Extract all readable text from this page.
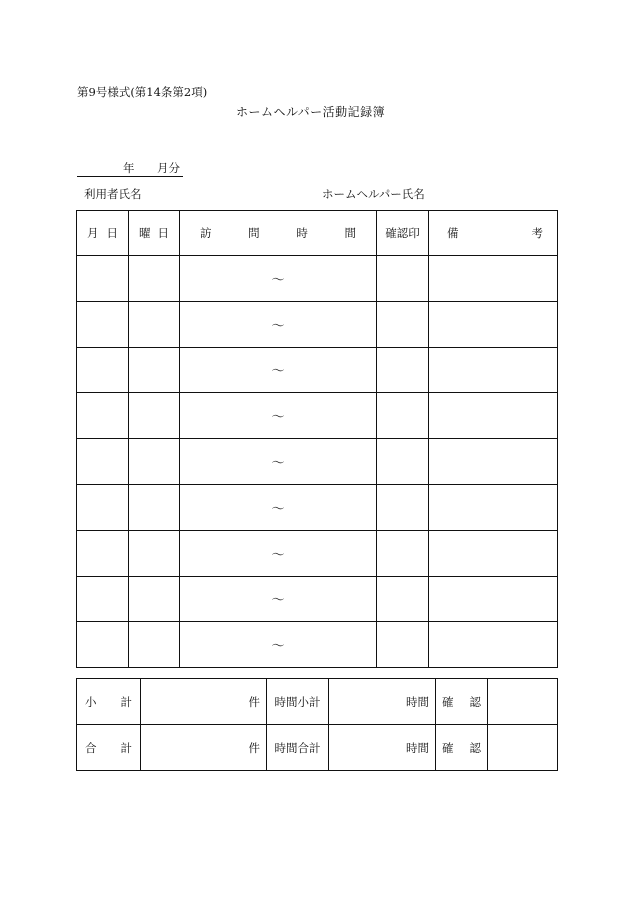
第9号様式(第14条第2項)
ホームヘルパー活動記録簿
年 月分
利用者氏名	ホームヘルパー氏名
月 日	曜 日	訪 問 時 間	確認印	備 考

		～		
		～		
		～		
		～		
		～		
		～		
		～		
		～		
		～		
小 計	件	時間小計	時間	確 認	

合 計	件	時間合計	時間	確 認	
